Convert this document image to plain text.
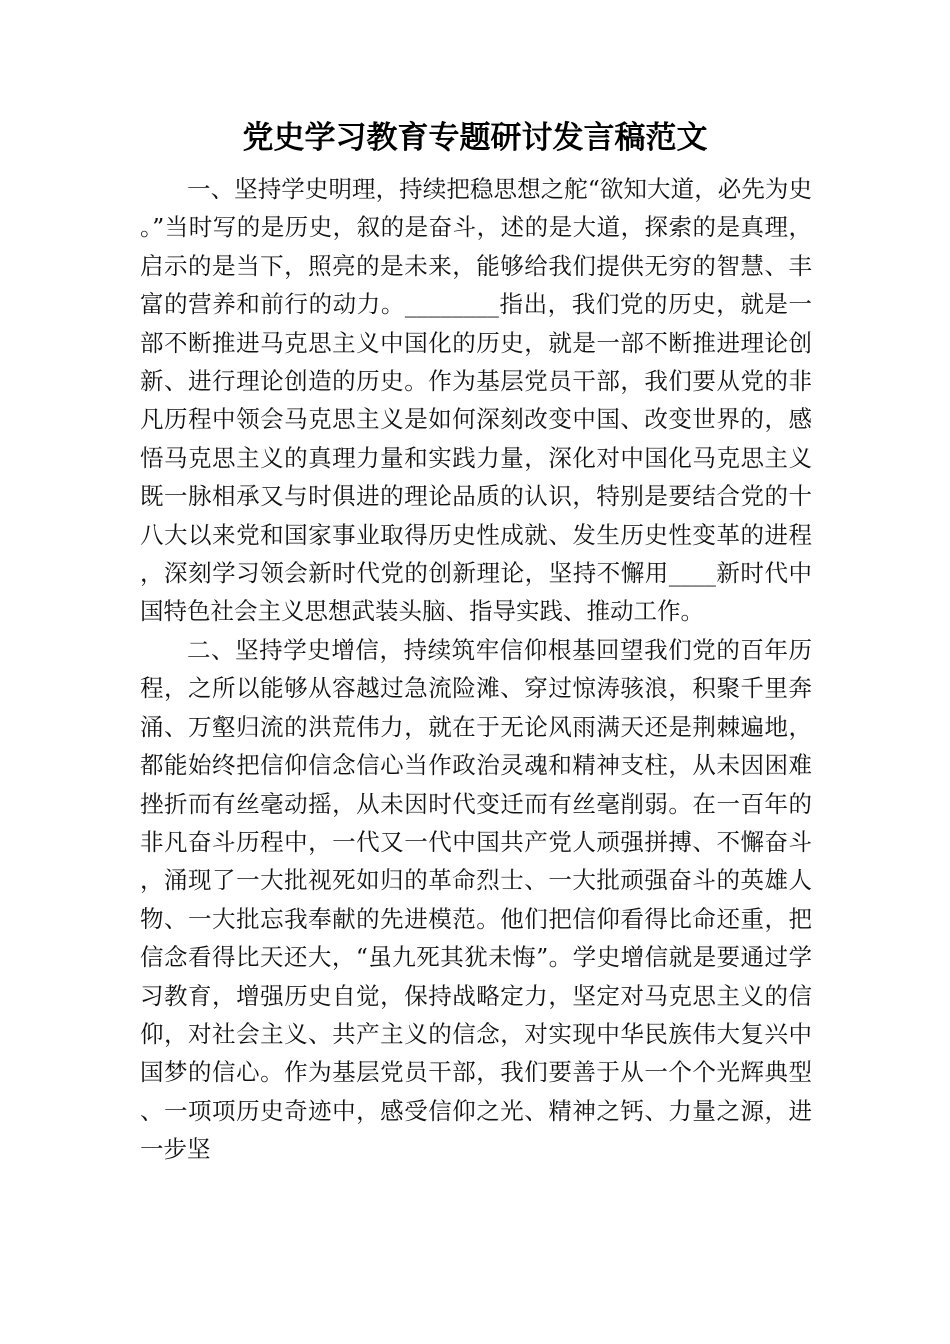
党史学习教育专题研讨发言稿范文

一、坚持学史明理，持续把稳思想之舵“欲知大道，必先为史。”当时写的是历史，叙的是奋斗，述的是大道，探索的是真理，启示的是当下，照亮的是未来，能够给我们提供无穷的智慧、丰富的营养和前行的动力。________指出，我们党的历史，就是一部不断推进马克思主义中国化的历史，就是一部不断推进理论创新、进行理论创造的历史。作为基层党员干部，我们要从党的非凡历程中领会马克思主义是如何深刻改变中国、改变世界的，感悟马克思主义的真理力量和实践力量，深化对中国化马克思主义既一脉相承又与时俱进的理论品质的认识，特别是要结合党的十八大以来党和国家事业取得历史性成就、发生历史性变革的进程，深刻学习领会新时代党的创新理论，坚持不懈用____新时代中国特色社会主义思想武装头脑、指导实践、推动工作。

二、坚持学史增信，持续筑牢信仰根基回望我们党的百年历程，之所以能够从容越过急流险滩、穿过惊涛骇浪，积聚千里奔涌、万壑归流的洪荒伟力，就在于无论风雨满天还是荆棘遍地，都能始终把信仰信念信心当作政治灵魂和精神支柱，从未因困难挫折而有丝毫动摇，从未因时代变迁而有丝毫削弱。在一百年的非凡奋斗历程中，一代又一代中国共产党人顽强拼搏、不懈奋斗，涌现了一大批视死如归的革命烈士、一大批顽强奋斗的英雄人物、一大批忘我奉献的先进模范。他们把信仰看得比命还重，把信念看得比天还大，“虽九死其犹未悔”。学史增信就是要通过学习教育，增强历史自觉，保持战略定力，坚定对马克思主义的信仰，对社会主义、共产主义的信念，对实现中华民族伟大复兴中国梦的信心。作为基层党员干部，我们要善于从一个个光辉典型、一项项历史奇迹中，感受信仰之光、精神之钙、力量之源，进一步坚
